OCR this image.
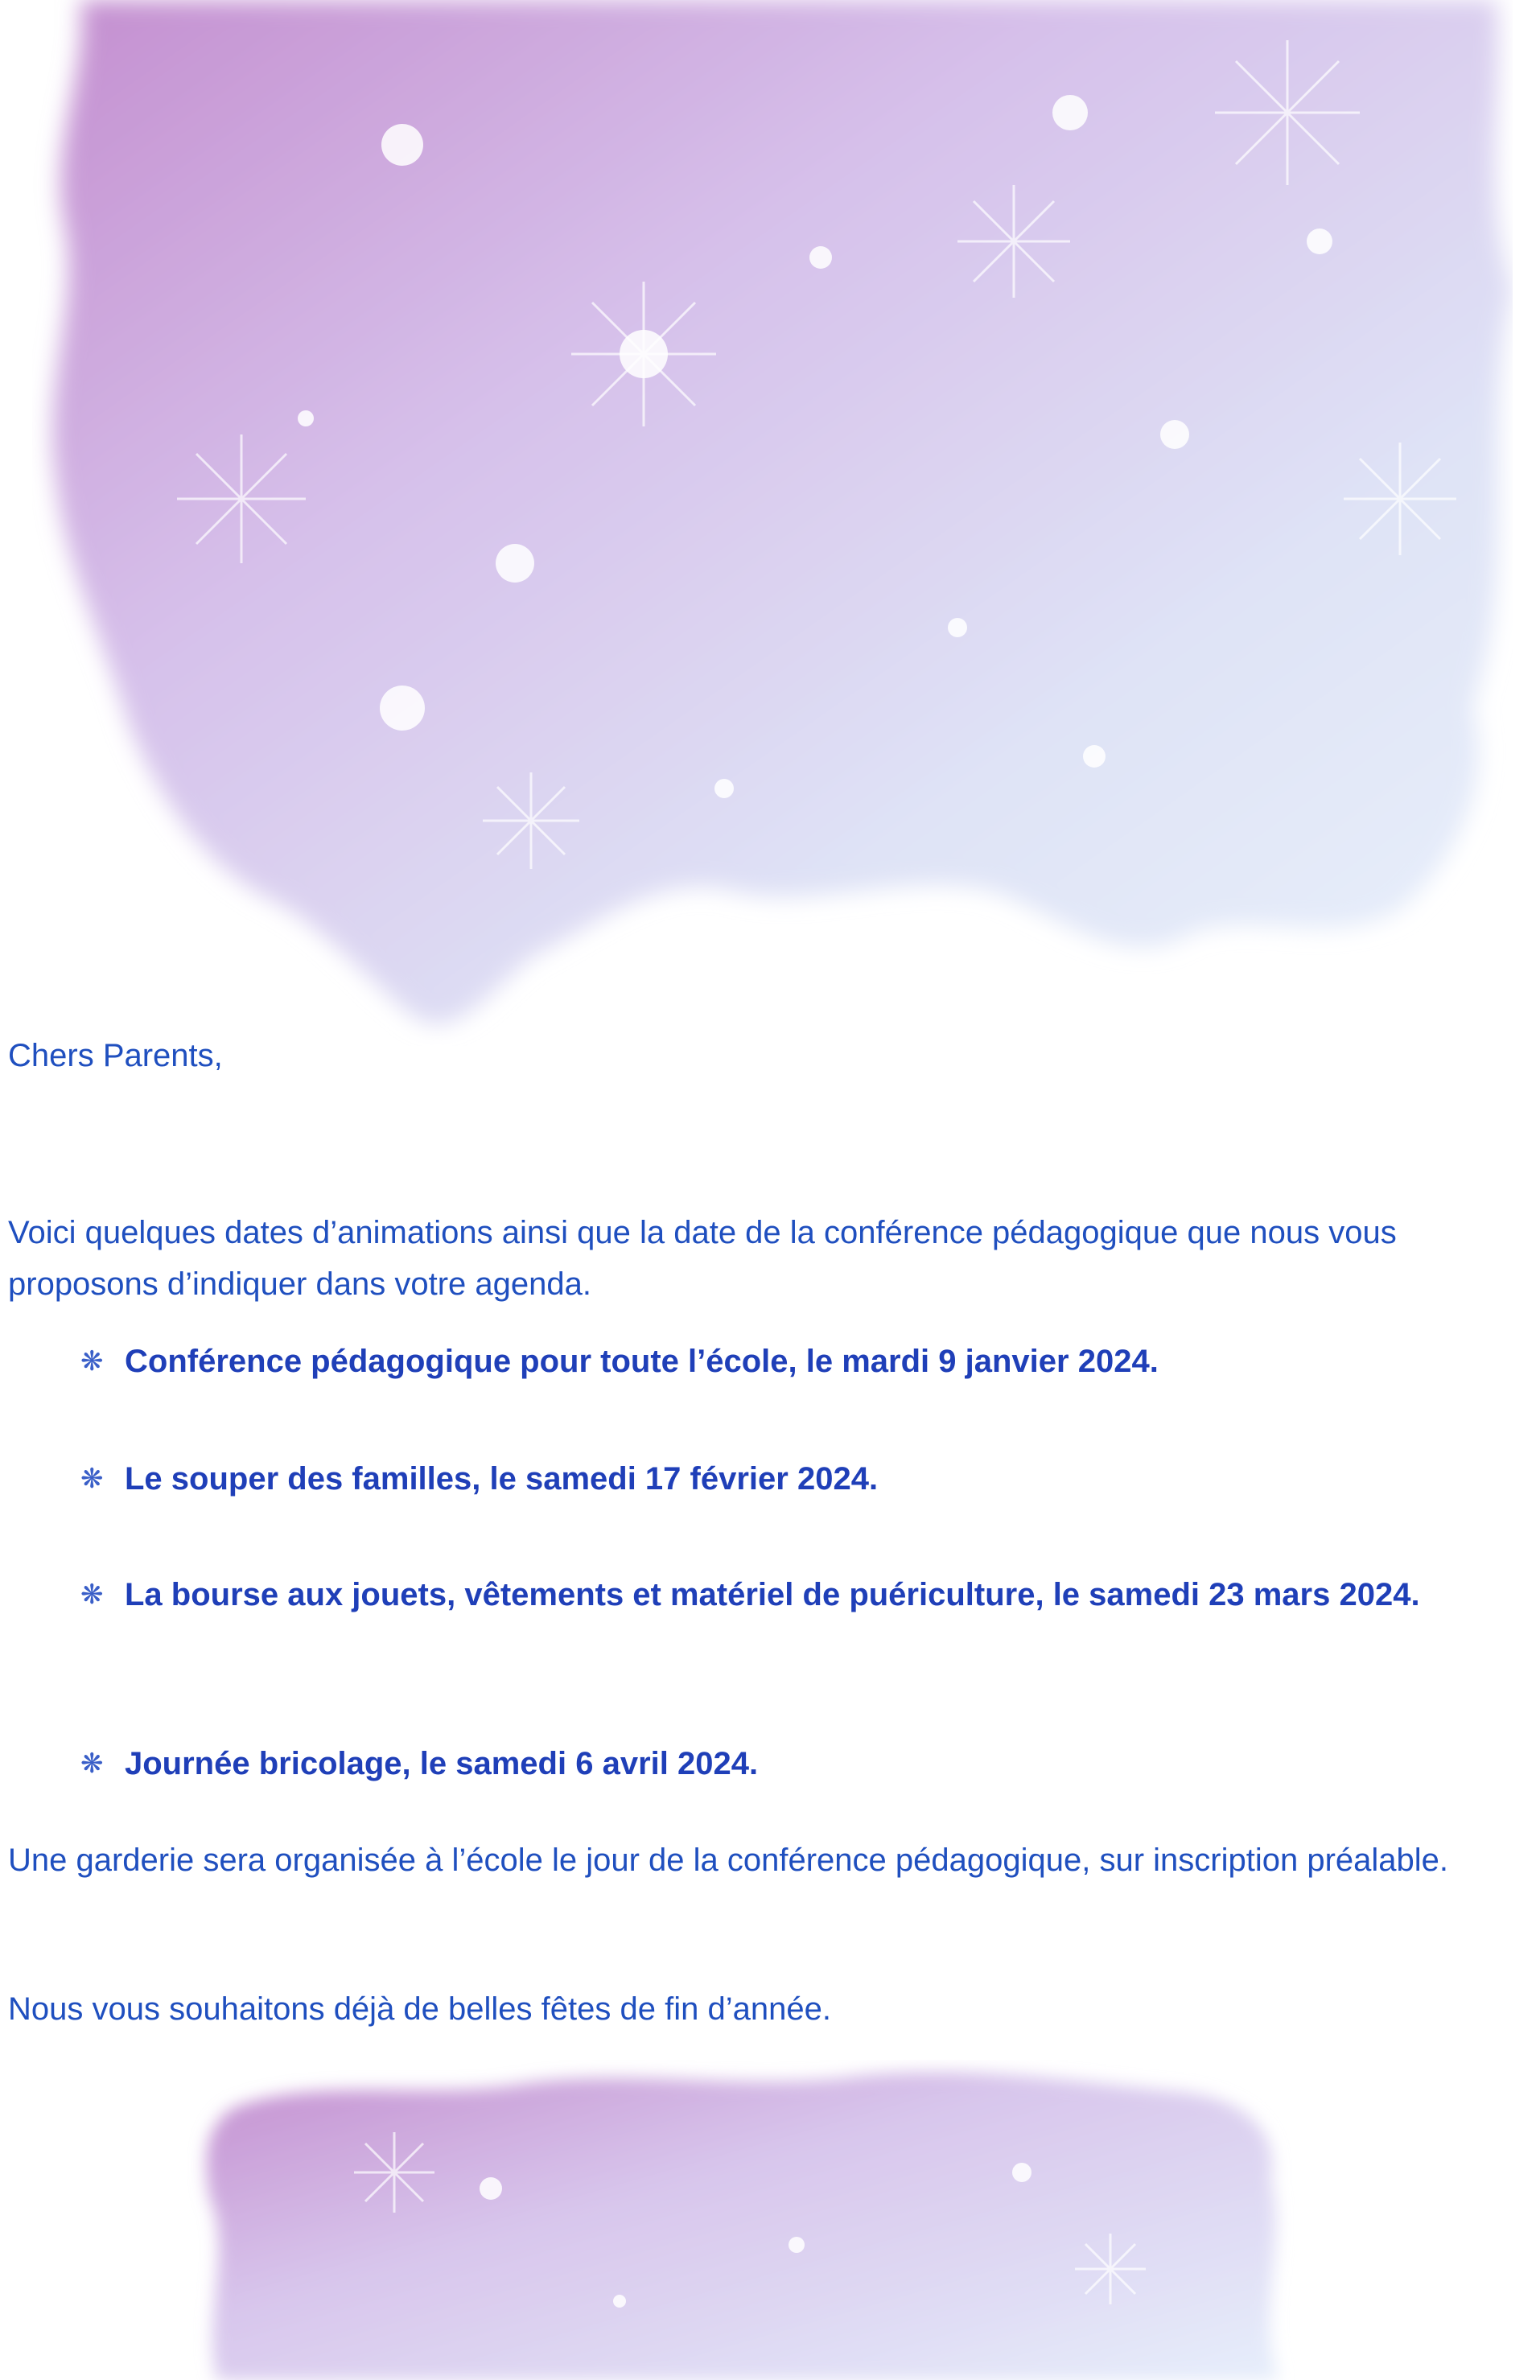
Chers Parents,

Voici quelques dates d’animations ainsi que la date de la conférence pédagogique que nous vous proposons d’indiquer dans votre agenda.

❋ Conférence pédagogique pour toute l’école, le mardi 9 janvier 2024.
❋ Le souper des familles, le samedi 17 février 2024.
❋ La bourse aux jouets, vêtements et matériel de puériculture, le samedi 23 mars 2024.
❋ Journée bricolage, le samedi 6 avril 2024.

Une garderie sera organisée à l’école le jour de la conférence pédagogique, sur inscription préalable.

Nous vous souhaitons déjà de belles fêtes de fin d’année.
